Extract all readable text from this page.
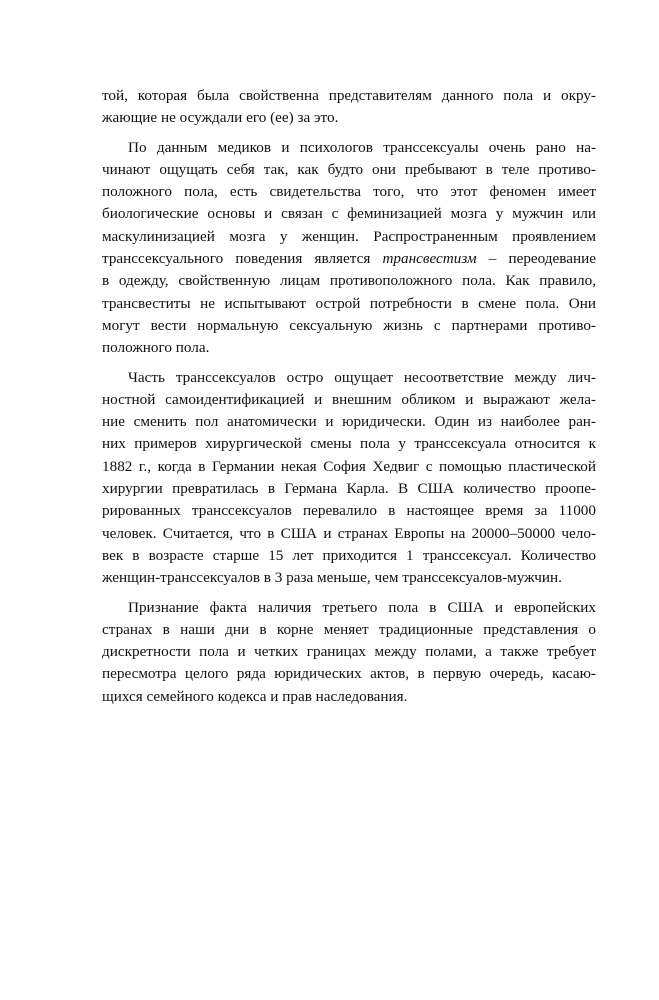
той, которая была свойственна представителям данного пола и окру-
жающие не осуждали его (ее) за это.
По данным медиков и психологов транссексуалы очень рано на-
чинают ощущать себя так, как будто они пребывают в теле противо-
положного пола, есть свидетельства того, что этот феномен имеет
биологические основы и связан с феминизацией мозга у мужчин или
маскулинизацией мозга у женщин. Распространенным проявлением
транссексуального поведения является трансвестизм – переодевание
в одежду, свойственную лицам противоположного пола. Как правило,
трансвеститы не испытывают острой потребности в смене пола. Они
могут вести нормальную сексуальную жизнь с партнерами противо-
положного пола.
Часть транссексуалов остро ощущает несоответствие между лич-
ностной самоидентификацией и внешним обликом и выражают жела-
ние сменить пол анатомически и юридически. Один из наиболее ран-
них примеров хирургической смены пола у транссексуала относится к
1882 г., когда в Германии некая София Хедвиг с помощью пластической
хирургии превратилась в Германа Карла. В США количество проопе-
рированных транссексуалов перевалило в настоящее время за 11000
человек. Считается, что в США и странах Европы на 20000–50000 чело-
век в возрасте старше 15 лет приходится 1 транссексуал. Количество
женщин-транссексуалов в 3 раза меньше, чем транссексуалов-мужчин.
Признание факта наличия третьего пола в США и европейских
странах в наши дни в корне меняет традиционные представления о
дискретности пола и четких границах между полами, а также требует
пересмотра целого ряда юридических актов, в первую очередь, касаю-
щихся семейного кодекса и прав наследования.
